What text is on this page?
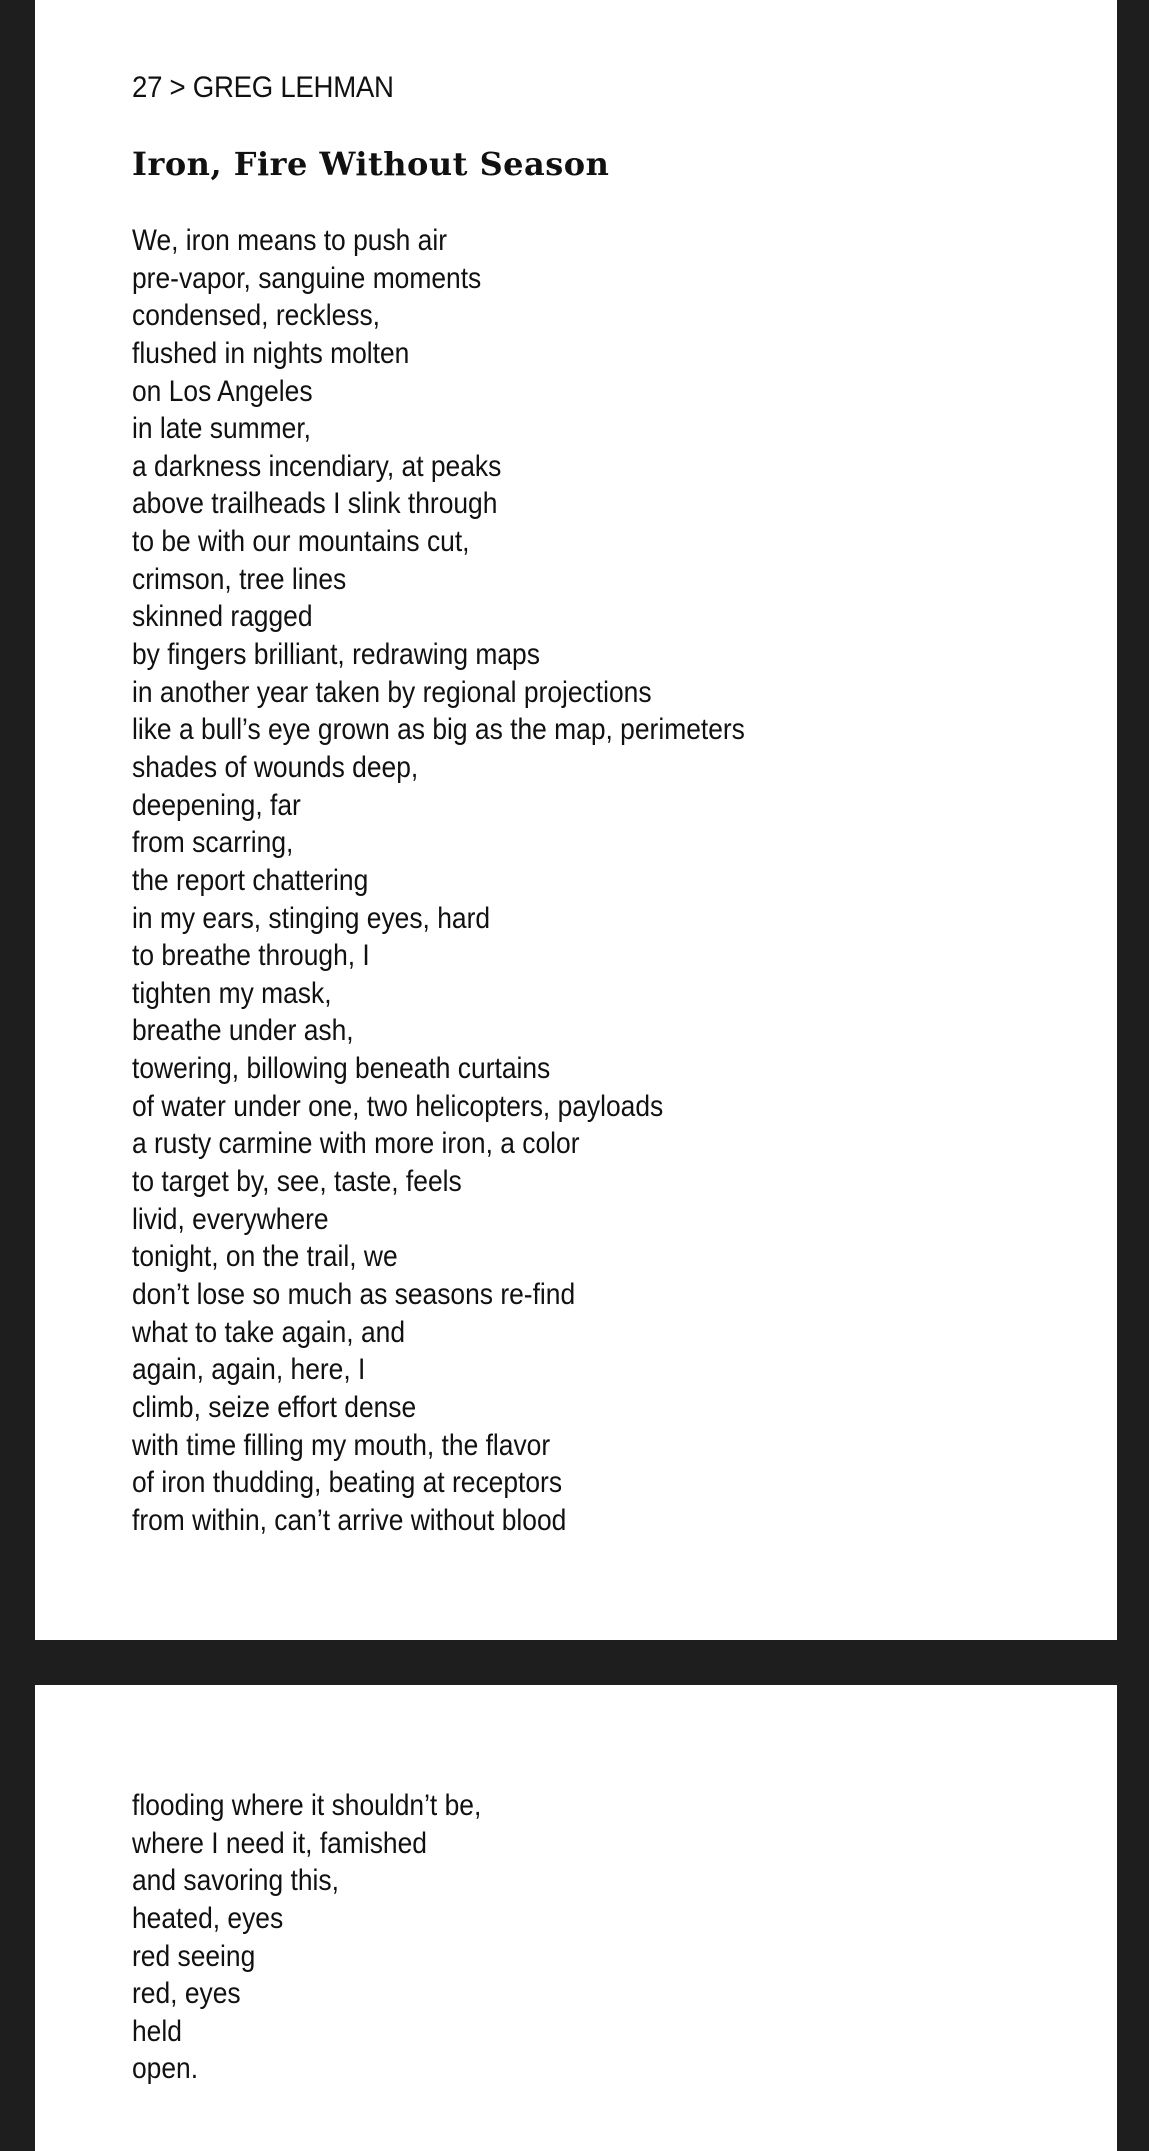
27 > GREG LEHMAN
Iron, Fire Without Season
We, iron means to push air
pre-vapor, sanguine moments
condensed, reckless,
flushed in nights molten
on Los Angeles
in late summer,
a darkness incendiary, at peaks
above trailheads I slink through
to be with our mountains cut,
crimson, tree lines
skinned ragged
by fingers brilliant, redrawing maps
in another year taken by regional projections
like a bull’s eye grown as big as the map, perimeters
shades of wounds deep,
deepening, far
from scarring,
the report chattering
in my ears, stinging eyes, hard
to breathe through, I
tighten my mask,
breathe under ash,
towering, billowing beneath curtains
of water under one, two helicopters, payloads
a rusty carmine with more iron, a color
to target by, see, taste, feels
livid, everywhere
tonight, on the trail, we
don’t lose so much as seasons re-find
what to take again, and
again, again, here, I
climb, seize effort dense
with time filling my mouth, the flavor
of iron thudding, beating at receptors
from within, can’t arrive without blood
flooding where it shouldn’t be,
where I need it, famished
and savoring this,
heated, eyes
red seeing
red, eyes
held
open.
